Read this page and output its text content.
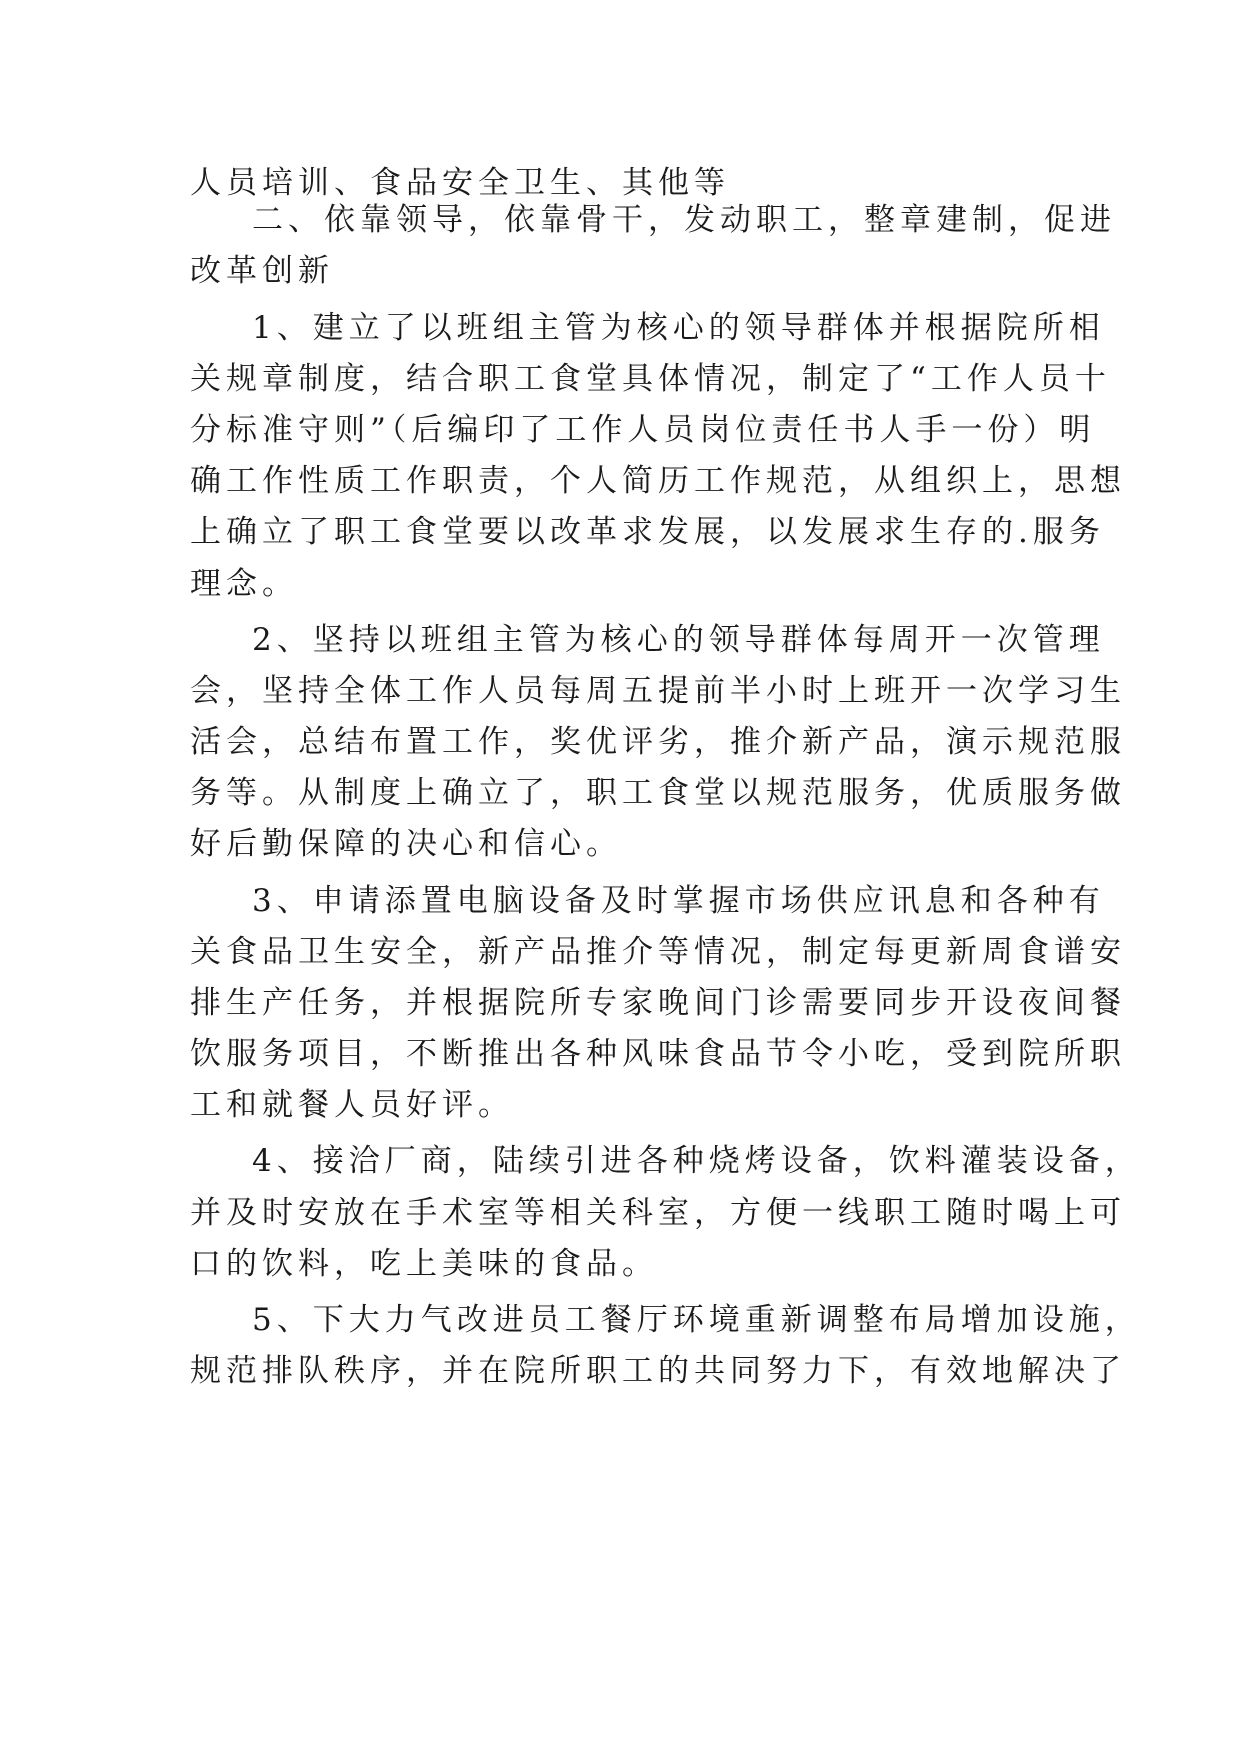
人员培训、食品安全卫生、其他等
二、依靠领导，依靠骨干，发动职工，整章建制，促进
改革创新
1、建立了以班组主管为核心的领导群体并根据院所相
关规章制度，结合职工食堂具体情况，制定了“工作人员十
分标准守则”（后编印了工作人员岗位责任书人手一份）明
确工作性质工作职责，个人简历工作规范，从组织上，思想
上确立了职工食堂要以改革求发展，以发展求生存的.服务
理念。
2、坚持以班组主管为核心的领导群体每周开一次管理
会，坚持全体工作人员每周五提前半小时上班开一次学习生
活会，总结布置工作，奖优评劣，推介新产品，演示规范服
务等。从制度上确立了，职工食堂以规范服务，优质服务做
好后勤保障的决心和信心。
3、申请添置电脑设备及时掌握市场供应讯息和各种有
关食品卫生安全，新产品推介等情况，制定每更新周食谱安
排生产任务，并根据院所专家晚间门诊需要同步开设夜间餐
饮服务项目，不断推出各种风味食品节令小吃，受到院所职
工和就餐人员好评。
4、接洽厂商，陆续引进各种烧烤设备，饮料灌装设备，
并及时安放在手术室等相关科室，方便一线职工随时喝上可
口的饮料，吃上美味的食品。
5、下大力气改进员工餐厅环境重新调整布局增加设施，
规范排队秩序，并在院所职工的共同努力下，有效地解决了
